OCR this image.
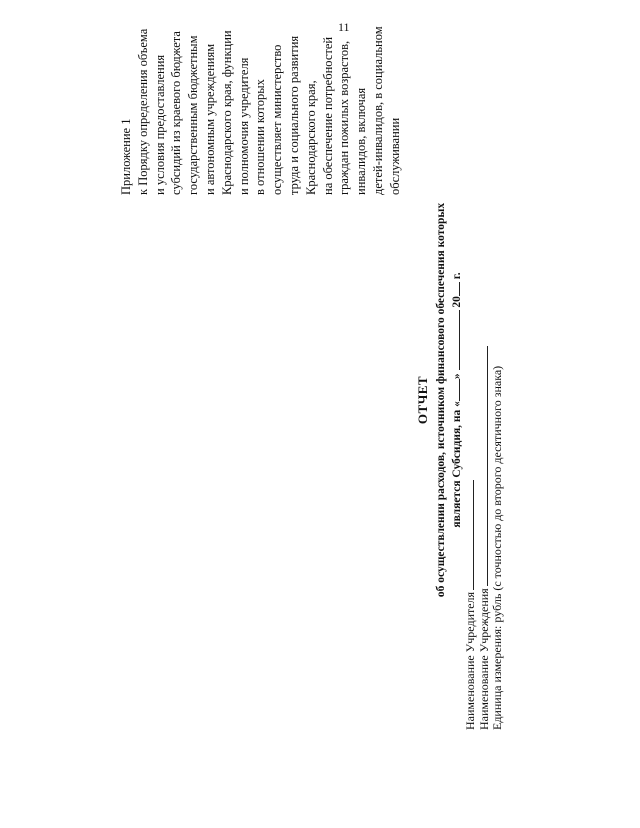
11
Приложение 1 к Порядку определения объема и условия предоставления субсидий из краевого бюджета государственным бюджетным и автономным учреждениям Краснодарского края, функции и полномочия учредителя в отношении которых осуществляет министерство труда и социального развития Краснодарского края, на обеспечение потребностей граждан пожилых возрастов, инвалидов, включая детей-инвалидов, в социальном обслуживании
ОТЧЕТ об осуществлении расходов, источником финансового обеспечения которых является Субсидия, на «»  20 г.
Наименование Учредителя Наименование Учреждения Единица измерения: рубль (с точностью до второго десятичного знака)
